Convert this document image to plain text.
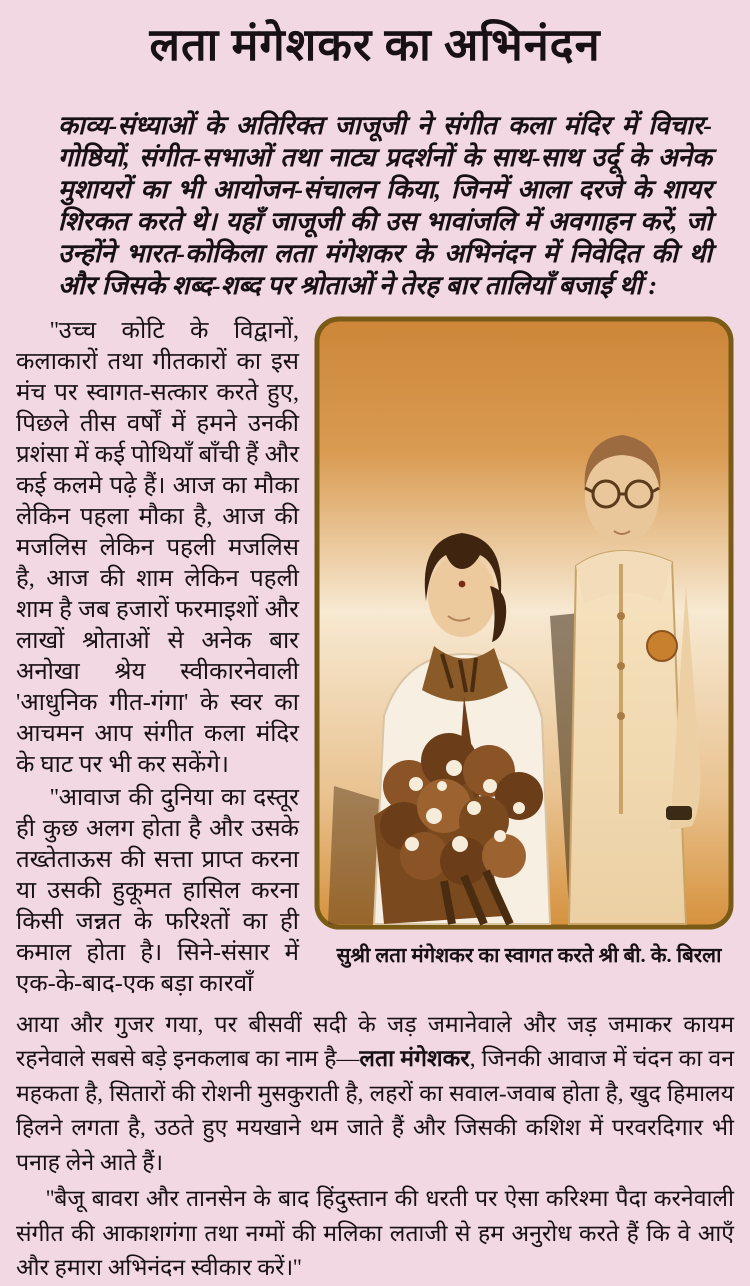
लता मंगेशकर का अभिनंदन
काव्य-संध्याओं के अतिरिक्त जाजूजी ने संगीत कला मंदिर में विचार-गोष्ठियों, संगीत-सभाओं तथा नाट्य प्रदर्शनों के साथ-साथ उर्दू के अनेक मुशायरों का भी आयोजन-संचालन किया, जिनमें आला दरजे के शायर शिरकत करते थे। यहाँ जाजूजी की उस भावांजलि में अवगाहन करें, जो उन्होंने भारत-कोकिला लता मंगेशकर के अभिनंदन में निवेदित की थी और जिसके शब्द-शब्द पर श्रोताओं ने तेरह बार तालियाँ बजाई थीं :

''उच्च कोटि के विद्वानों, कलाकारों तथा गीतकारों का इस मंच पर स्वागत-सत्कार करते हुए, पिछले तीस वर्षों में हमने उनकी प्रशंसा में कई पोथियाँ बाँची हैं और कई कलमे पढ़े हैं। आज का मौका लेकिन पहला मौका है, आज की मजलिस लेकिन पहली मजलिस है, आज की शाम लेकिन पहली शाम है जब हजारों फरमाइशों और लाखों श्रोताओं से अनेक बार अनोखा श्रेय स्वीकारनेवाली 'आधुनिक गीत-गंगा' के स्वर का आचमन आप संगीत कला मंदिर के घाट पर भी कर सकेंगे।

''आवाज की दुनिया का दस्तूर ही कुछ अलग होता है और उसके तख्तेताऊस की सत्ता प्राप्त करना या उसकी हुकूमत हासिल करना किसी जन्नत के फरिश्तों का ही कमाल होता है। सिने-संसार में एक-के-बाद-एक बड़ा कारवाँ

सुश्री लता मंगेशकर का स्वागत करते श्री बी. के. बिरला

आया और गुजर गया, पर बीसवीं सदी के जड़ जमानेवाले और जड़ जमाकर कायम रहनेवाले सबसे बड़े इनकलाब का नाम है—लता मंगेशकर, जिनकी आवाज में चंदन का वन महकता है, सितारों की रोशनी मुसकुराती है, लहरों का सवाल-जवाब होता है, खुद हिमालय हिलने लगता है, उठते हुए मयखाने थम जाते हैं और जिसकी कशिश में परवरदिगार भी पनाह लेने आते हैं।

''बैजू बावरा और तानसेन के बाद हिंदुस्तान की धरती पर ऐसा करिश्मा पैदा करनेवाली संगीत की आकाशगंगा तथा नग्मों की मलिका लताजी से हम अनुरोध करते हैं कि वे आएँ और हमारा अभिनंदन स्वीकार करें।''
